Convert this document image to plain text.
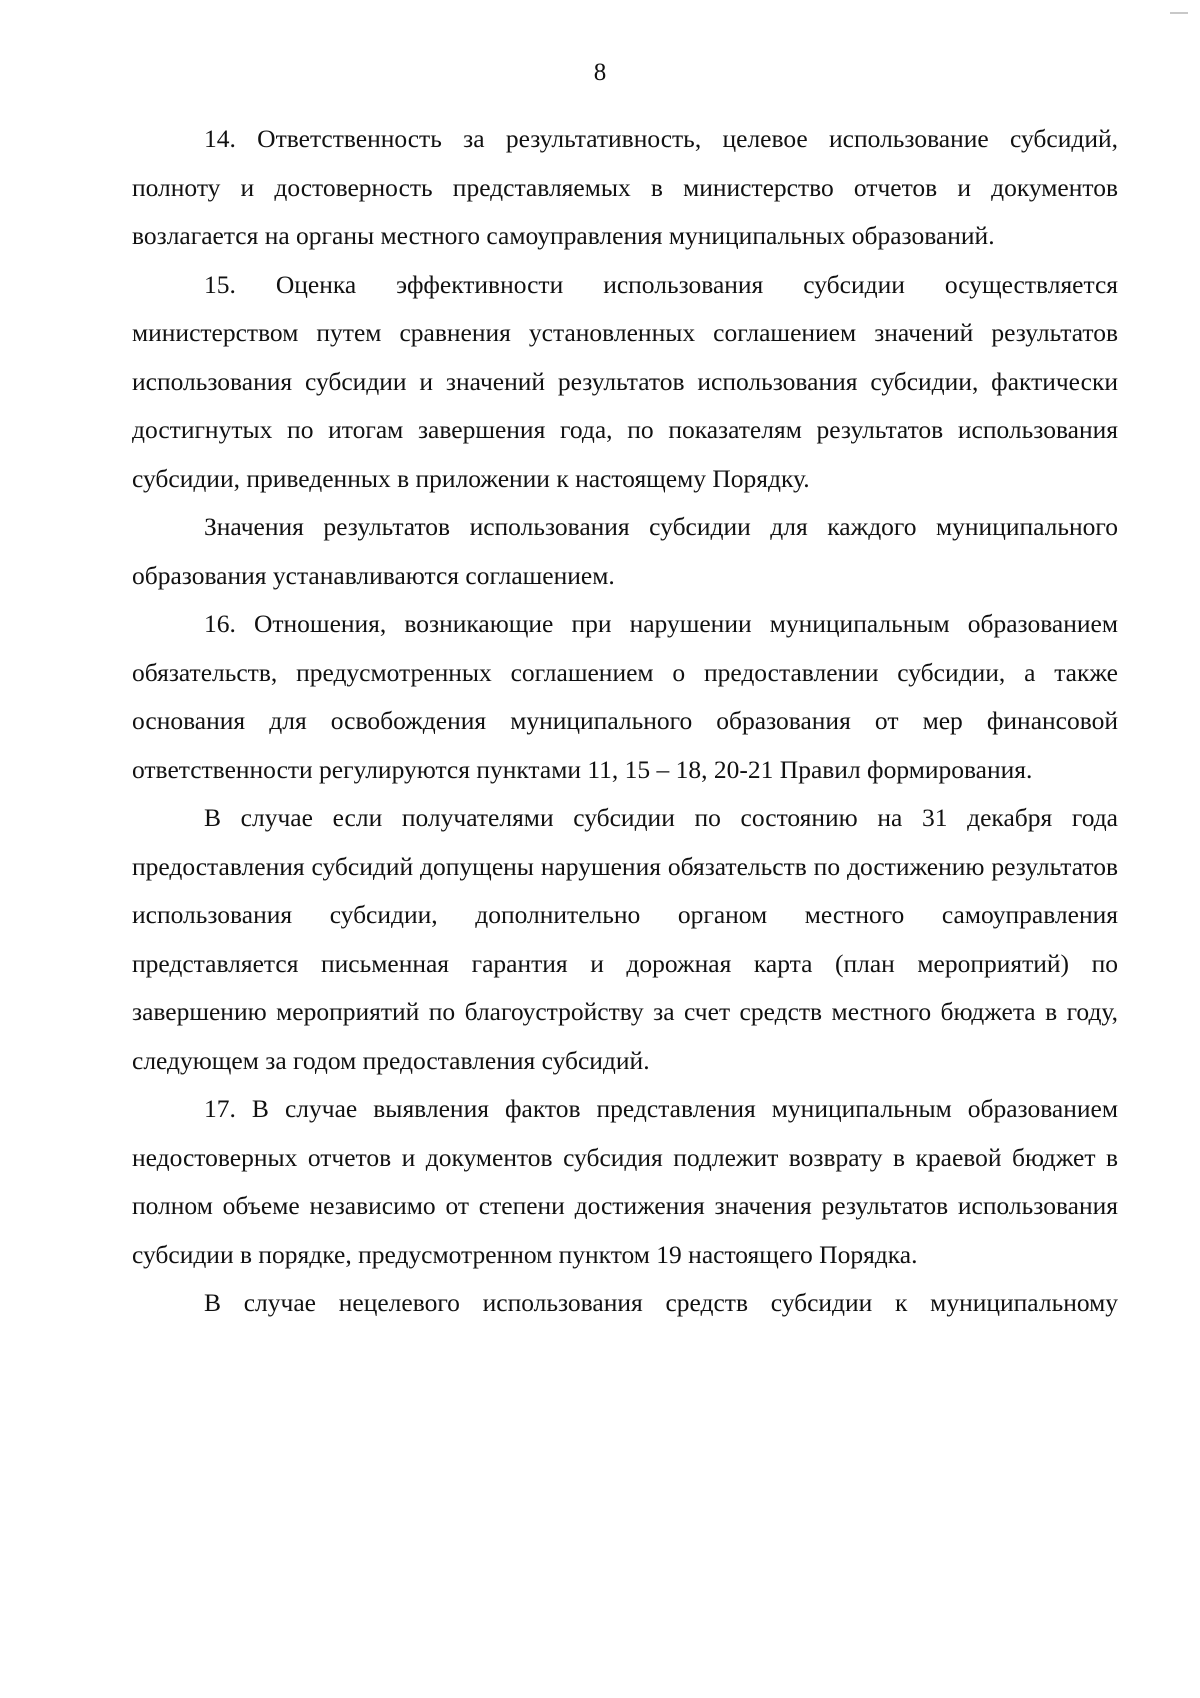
8

14. Ответственность за результативность, целевое использование субсидий, полноту и достоверность представляемых в министерство отчетов и документов возлагается на органы местного самоуправления муниципальных образований.

15. Оценка эффективности использования субсидии осуществляется министерством путем сравнения установленных соглашением значений результатов использования субсидии и значений результатов использования субсидии, фактически достигнутых по итогам завершения года, по показателям результатов использования субсидии, приведенных в приложении к настоящему Порядку.

Значения результатов использования субсидии для каждого муниципального образования устанавливаются соглашением.

16. Отношения, возникающие при нарушении муниципальным образованием обязательств, предусмотренных соглашением о предоставлении субсидии, а также основания для освобождения муниципального образования от мер финансовой ответственности регулируются пунктами 11, 15 – 18, 20-21 Правил формирования.

В случае если получателями субсидии по состоянию на 31 декабря года предоставления субсидий допущены нарушения обязательств по достижению результатов использования субсидии, дополнительно органом местного самоуправления представляется письменная гарантия и дорожная карта (план мероприятий) по завершению мероприятий по благоустройству за счет средств местного бюджета в году, следующем за годом предоставления субсидий.

17. В случае выявления фактов представления муниципальным образованием недостоверных отчетов и документов субсидия подлежит возврату в краевой бюджет в полном объеме независимо от степени достижения значения результатов использования субсидии в порядке, предусмотренном пунктом 19 настоящего Порядка.

В случае нецелевого использования средств субсидии к муниципальному
